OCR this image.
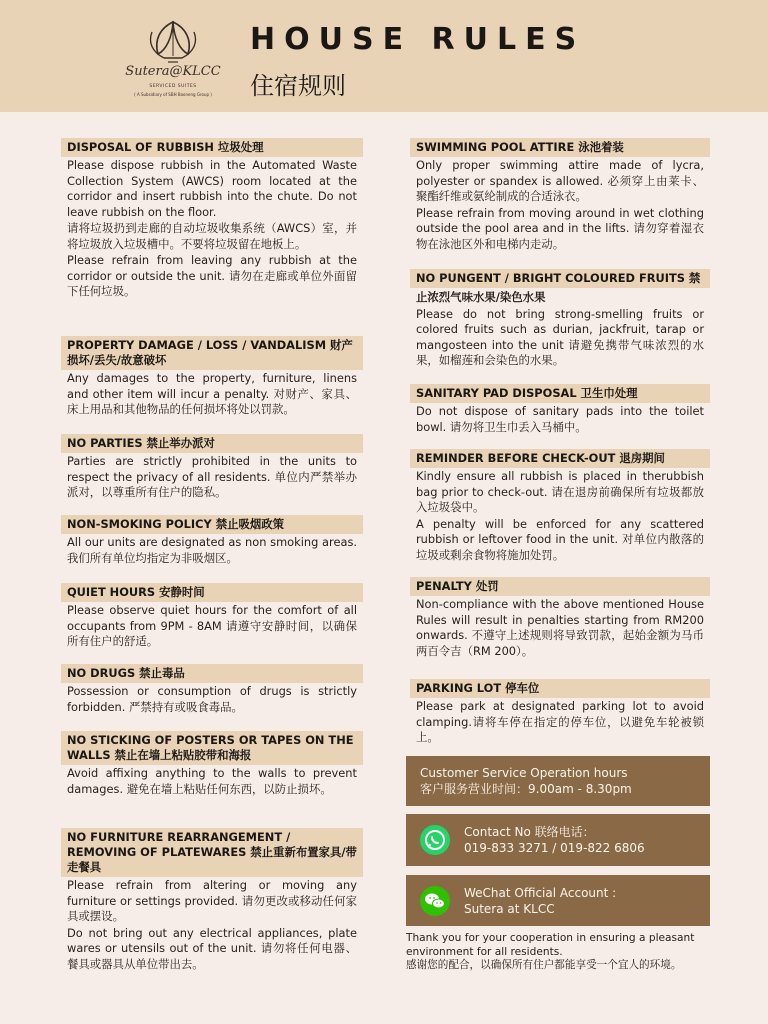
Sutera@KLCC
SERVICED SUITES
( A Subsidiary of SBH Booneng Group )
HOUSE RULES
住宿规则
DISPOSAL OF RUBBISH 垃圾处理

Please dispose rubbish in the Automated Waste Collection System (AWCS) room located at the corridor and insert rubbish into the chute. Do not leave rubbish on the floor.

请将垃圾扔到走廊的自动垃圾收集系统（AWCS）室，并将垃圾放入垃圾槽中。不要将垃圾留在地板上。

Please refrain from leaving any rubbish at the corridor or outside the unit. 请勿在走廊或单位外面留下任何垃圾。

PROPERTY DAMAGE / LOSS / VANDALISM 财产损坏/丢失/故意破坏

Any damages to the property, furniture, linens and other item will incur a penalty. 对财产、家具、床上用品和其他物品的任何损坏将处以罚款。

NO PARTIES 禁止举办派对

Parties are strictly prohibited in the units to respect the privacy of all residents. 单位内严禁举办派对，以尊重所有住户的隐私。

NON-SMOKING POLICY 禁止吸烟政策

All our units are designated as non smoking areas. 我们所有单位均指定为非吸烟区。

QUIET HOURS 安静时间

Please observe quiet hours for the comfort of all occupants from 9PM - 8AM 请遵守安静时间，以确保所有住户的舒适。

NO DRUGS 禁止毒品

Possession or consumption of drugs is strictly forbidden. 严禁持有或吸食毒品。

NO STICKING OF POSTERS OR TAPES ON THE WALLS 禁止在墙上粘贴胶带和海报

Avoid affixing anything to the walls to prevent damages. 避免在墙上粘贴任何东西，以防止损坏。

NO FURNITURE REARRANGEMENT / REMOVING OF PLATEWARES 禁止重新布置家具/带走餐具

Please refrain from altering or moving any furniture or settings provided. 请勿更改或移动任何家具或摆设。

Do not bring out any electrical appliances, plate wares or utensils out of the unit. 请勿将任何电器、餐具或器具从单位带出去。

SWIMMING POOL ATTIRE 泳池着装

Only proper swimming attire made of lycra, polyester or spandex is allowed. 必须穿上由莱卡、聚酯纤维或氨纶制成的合适泳衣。

Please refrain from moving around in wet clothing outside the pool area and in the lifts. 请勿穿着湿衣物在泳池区外和电梯内走动。

NO PUNGENT / BRIGHT COLOURED FRUITS 禁

止浓烈气味水果/染色水果

Please do not bring strong-smelling fruits or colored fruits such as durian, jackfruit, tarap or mangosteen into the unit 请避免携带气味浓烈的水果，如榴莲和会染色的水果。

SANITARY PAD DISPOSAL 卫生巾处理

Do not dispose of sanitary pads into the toilet bowl. 请勿将卫生巾丢入马桶中。

REMINDER BEFORE CHECK-OUT 退房期间

Kindly ensure all rubbish is placed in therubbish bag prior to check-out. 请在退房前确保所有垃圾都放入垃圾袋中。

A penalty will be enforced for any scattered rubbish or leftover food in the unit. 对单位内散落的垃圾或剩余食物将施加处罚。

PENALTY 处罚

Non-compliance with the above mentioned House Rules will result in penalties starting from RM200 onwards. 不遵守上述规则将导致罚款，起始金额为马币两百令吉（RM 200）。

PARKING LOT 停车位

Please park at designated parking lot to avoid clamping.请将车停在指定的停车位，以避免车轮被锁上。

Customer Service Operation hours
客户服务营业时间：9.00am - 8.30pm
Contact No 联络电话：
019-833 3271 / 019-822 6806
WeChat Official Account :
Sutera at KLCC
Thank you for your cooperation in ensuring a pleasant environment for all residents.
感谢您的配合，以确保所有住户都能享受一个宜人的环境。
